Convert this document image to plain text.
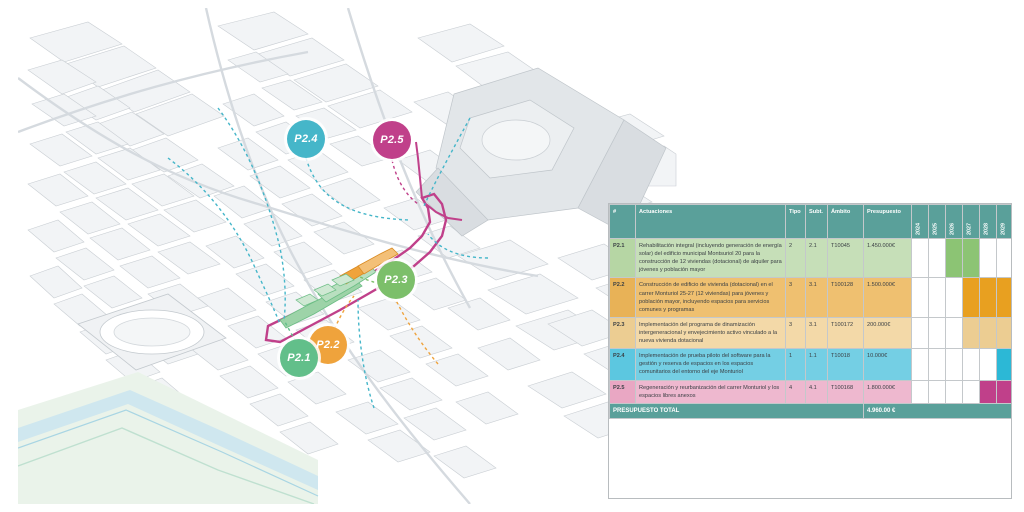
P2.4	P2.5
P2.3
P2.2
P2.1
#	Actuaciones	Tipo	Subt.	Ámbito	Presupuesto	2024	2025	2026	2027	2028	2029
P2.1	Rehabilitación integral (incluyendo generación de energía solar) del edificio municipal Montsuriol 20 para la construcción de 12 viviendas (dotacional) de alquiler para jóvenes y población mayor	2	2.1	T10045	1.450.000€			

P2.2	Construcción de edificio de vivienda (dotacional) en el carrer Monturiol 25-27 (12 viviendas) para jóvenes y población mayor, incluyendo espacios para servicios comunes y programas	3	3.1	T100128	1.500.000€				

P2.3	Implementación del programa de dinamización intergeneracional y envejecimiento activo vinculado a la nueva vivienda dotacional	3	3.1	T100172	200.000€				

P2.4	Implementación de prueba piloto del software para la gestión y reserva de espacios en los espacios comunitarios del entorno del eje Monturiol	1	1.1	T10018	10.000€						

P2.5	Regeneración y reurbanización del carrer Monturiol y los espacios libres anexos	4	4.1	T100168	1.800.000€					

PRESUPUESTO TOTAL					4.960.00 €						
